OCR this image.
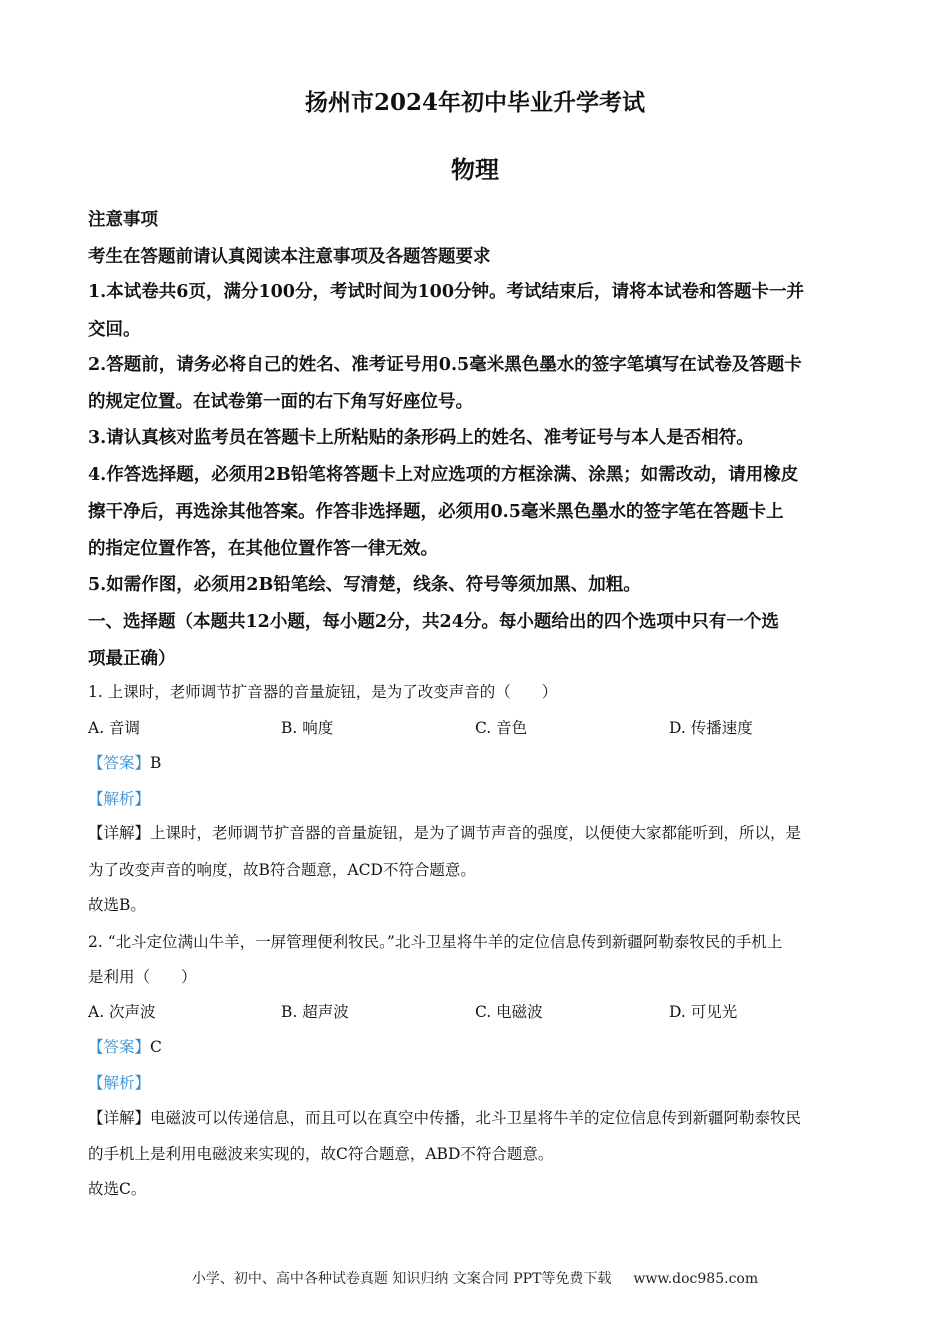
扬州市2024年初中毕业升学考试
物理
注意事项
考生在答题前请认真阅读本注意事项及各题答题要求
1.本试卷共6页，满分100分，考试时间为100分钟。考试结束后，请将本试卷和答题卡一并
交回。
2.答题前，请务必将自己的姓名、准考证号用0.5毫米黑色墨水的签字笔填写在试卷及答题卡
的规定位置。在试卷第一面的右下角写好座位号。
3.请认真核对监考员在答题卡上所粘贴的条形码上的姓名、准考证号与本人是否相符。
4.作答选择题，必须用2B铅笔将答题卡上对应选项的方框涂满、涂黑；如需改动，请用橡皮
擦干净后，再选涂其他答案。作答非选择题，必须用0.5毫米黑色墨水的签字笔在答题卡上
的指定位置作答，在其他位置作答一律无效。
5.如需作图，必须用2B铅笔绘、写清楚，线条、符号等须加黑、加粗。
一、选择题（本题共12小题，每小题2分，共24分。每小题给出的四个选项中只有一个选
项最正确）
1. 上课时，老师调节扩音器的音量旋钮，是为了改变声音的（　　）
A. 音调	B. 响度	C. 音色	D. 传播速度
【答案】B
【解析】
【详解】上课时，老师调节扩音器的音量旋钮，是为了调节声音的强度，以便使大家都能听到，所以，是
为了改变声音的响度，故B符合题意，ACD不符合题意。
故选B。
2. “北斗定位满山牛羊，一屏管理便利牧民。”北斗卫星将牛羊的定位信息传到新疆阿勒泰牧民的手机上
是利用（　　）
A. 次声波	B. 超声波	C. 电磁波	D. 可见光
【答案】C
【解析】
【详解】电磁波可以传递信息，而且可以在真空中传播，北斗卫星将牛羊的定位信息传到新疆阿勒泰牧民
的手机上是利用电磁波来实现的，故C符合题意，ABD不符合题意。
故选C。
小学、初中、高中各种试卷真题 知识归纳 文案合同 PPT等免费下载 www.doc985.com
